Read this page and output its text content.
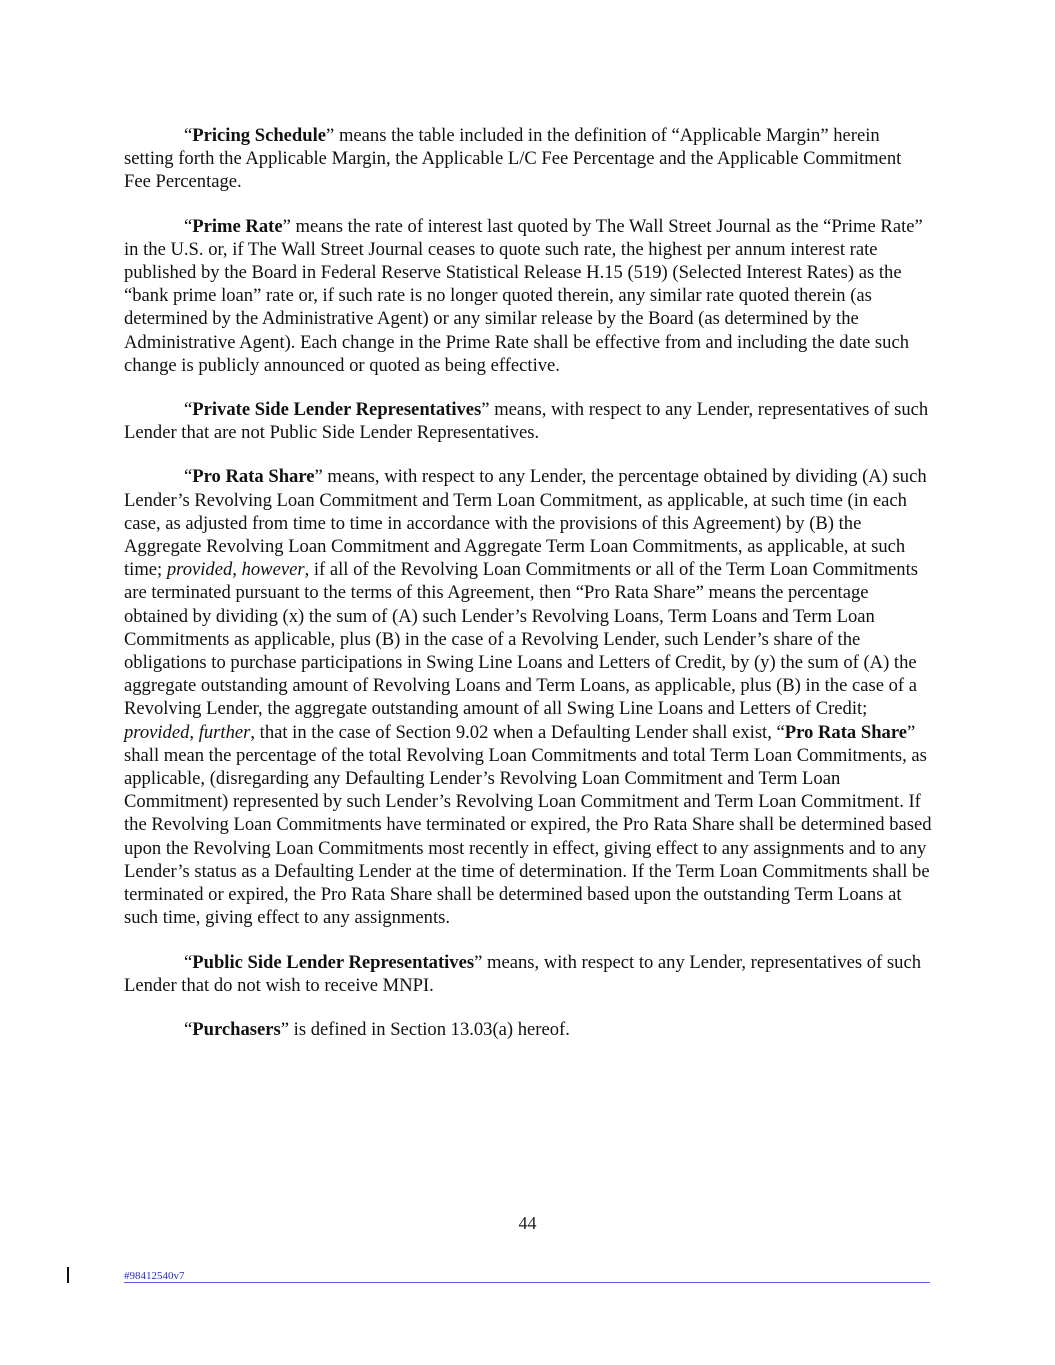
“Pricing Schedule” means the table included in the definition of “Applicable Margin” herein setting forth the Applicable Margin, the Applicable L/C Fee Percentage and the Applicable Commitment Fee Percentage.

“Prime Rate” means the rate of interest last quoted by The Wall Street Journal as the “Prime Rate” in the U.S. or, if The Wall Street Journal ceases to quote such rate, the highest per annum interest rate published by the Board in Federal Reserve Statistical Release H.15 (519) (Selected Interest Rates) as the “bank prime loan” rate or, if such rate is no longer quoted therein, any similar rate quoted therein (as determined by the Administrative Agent) or any similar release by the Board (as determined by the Administrative Agent). Each change in the Prime Rate shall be effective from and including the date such change is publicly announced or quoted as being effective.

“Private Side Lender Representatives” means, with respect to any Lender, representatives of such Lender that are not Public Side Lender Representatives.

“Pro Rata Share” means, with respect to any Lender, the percentage obtained by dividing (A) such Lender’s Revolving Loan Commitment and Term Loan Commitment, as applicable, at such time (in each case, as adjusted from time to time in accordance with the provisions of this Agreement) by (B) the Aggregate Revolving Loan Commitment and Aggregate Term Loan Commitments, as applicable, at such time; provided, however, if all of the Revolving Loan Commitments or all of the Term Loan Commitments are terminated pursuant to the terms of this Agreement, then “Pro Rata Share” means the percentage obtained by dividing (x) the sum of (A) such Lender’s Revolving Loans, Term Loans and Term Loan Commitments as applicable, plus (B) in the case of a Revolving Lender, such Lender’s share of the obligations to purchase participations in Swing Line Loans and Letters of Credit, by (y) the sum of (A) the aggregate outstanding amount of Revolving Loans and Term Loans, as applicable, plus (B) in the case of a Revolving Lender, the aggregate outstanding amount of all Swing Line Loans and Letters of Credit; provided, further, that in the case of Section 9.02 when a Defaulting Lender shall exist, “Pro Rata Share” shall mean the percentage of the total Revolving Loan Commitments and total Term Loan Commitments, as applicable, (disregarding any Defaulting Lender’s Revolving Loan Commitment and Term Loan Commitment) represented by such Lender’s Revolving Loan Commitment and Term Loan Commitment. If the Revolving Loan Commitments have terminated or expired, the Pro Rata Share shall be determined based upon the Revolving Loan Commitments most recently in effect, giving effect to any assignments and to any Lender’s status as a Defaulting Lender at the time of determination. If the Term Loan Commitments shall be terminated or expired, the Pro Rata Share shall be determined based upon the outstanding Term Loans at such time, giving effect to any assignments.

“Public Side Lender Representatives” means, with respect to any Lender, representatives of such Lender that do not wish to receive MNPI.

“Purchasers” is defined in Section 13.03(a) hereof.

44
#98412540v7
